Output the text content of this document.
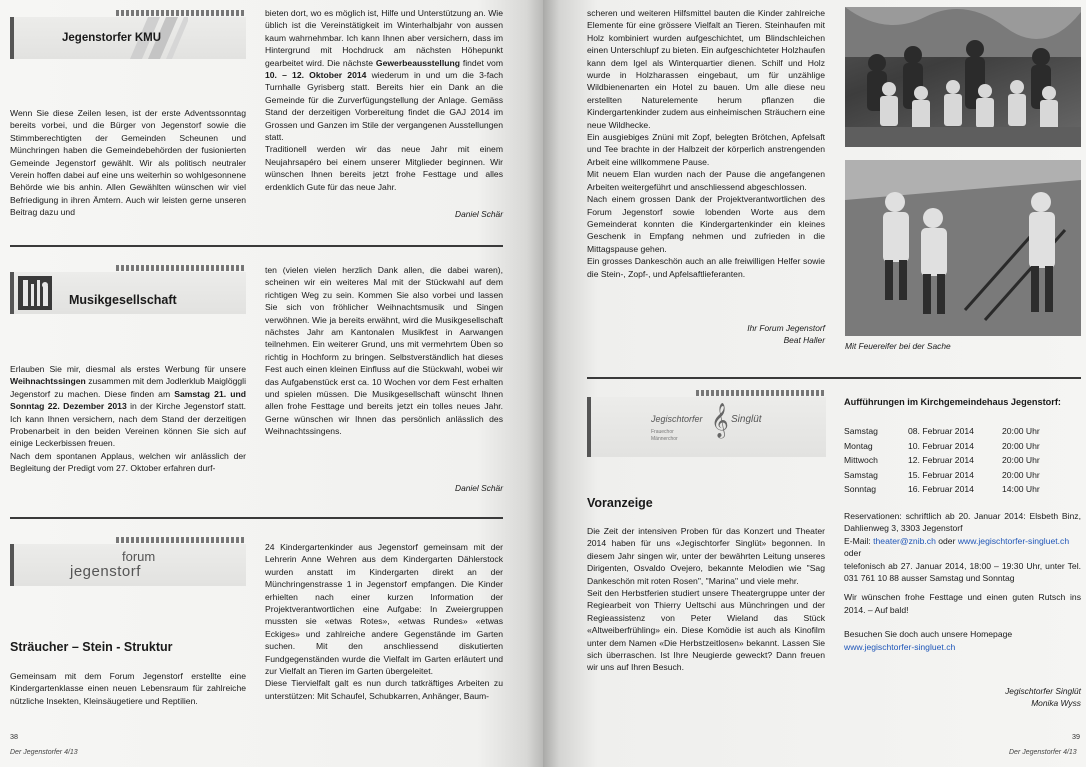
Jegenstorfer KMU

Wenn Sie diese Zeilen lesen, ist der erste Adventssonntag bereits vorbei, und die Bürger von Jegenstorf sowie die Stimmberechtigten der Gemeinden Scheunen und Münchringen haben die Gemeindebehörden der fusionierten Gemeinde Jegenstorf gewählt. Wir als politisch neutraler Verein hoffen dabei auf eine uns weiterhin so wohlgesonnene Behörde wie bis anhin. Allen Gewählten wünschen wir viel Befriedigung in ihren Ämtern. Auch wir leisten gerne unseren Beitrag dazu und

bieten dort, wo es möglich ist, Hilfe und Unterstützung an. Wie üblich ist die Vereinstätigkeit im Winterhalbjahr von aussen kaum wahrnehmbar. Ich kann Ihnen aber versichern, dass im Hintergrund mit Hochdruck am nächsten Höhepunkt gearbeitet wird. Die nächste Gewerbeausstellung findet vom 10. – 12. Oktober 2014 wiederum in und um die 3-fach Turnhalle Gyrisberg statt. Bereits hier ein Dank an die Gemeinde für die Zurverfügungstellung der Anlage. Gemäss Stand der derzeitigen Vorbereitung findet die GAJ 2014 im Grossen und Ganzen im Stile der vergangenen Ausstellungen statt.

Traditionell werden wir das neue Jahr mit einem Neujahrsapéro bei einem unserer Mitglieder beginnen. Wir wünschen Ihnen bereits jetzt frohe Festtage und alles erdenklich Gute für das neue Jahr.

Daniel Schär
Musikgesellschaft

Erlauben Sie mir, diesmal als erstes Werbung für unsere Weihnachtssingen zusammen mit dem Jodlerklub Maiglöggli Jegenstorf zu machen. Diese finden am Samstag 21. und Sonntag 22. Dezember 2013 in der Kirche Jegenstorf statt. Ich kann Ihnen versichern, nach dem Stand der derzeitigen Probenarbeit in den beiden Vereinen können Sie sich auf einige Leckerbissen freuen.

Nach dem spontanen Applaus, welchen wir anlässlich der Begleitung der Predigt vom 27. Oktober erfahren durf-

ten (vielen vielen herzlich Dank allen, die dabei waren), scheinen wir ein weiteres Mal mit der Stückwahl auf dem richtigen Weg zu sein. Kommen Sie also vorbei und lassen Sie sich von fröhlicher Weihnachtsmusik und Singen verwöhnen. Wie ja bereits erwähnt, wird die Musikgesellschaft nächstes Jahr am Kantonalen Musikfest in Aarwangen teilnehmen. Ein weiterer Grund, uns mit vermehrtem Üben so richtig in Hochform zu bringen. Selbstverständlich hat dieses Fest auch einen kleinen Einfluss auf die Stückwahl, wobei wir das Aufgabenstück erst ca. 10 Wochen vor dem Fest erhalten und spielen müssen. Die Musikgesellschaft wünscht Ihnen allen frohe Festtage und bereits jetzt ein tolles neues Jahr. Gerne wünschen wir Ihnen das persönlich anlässlich des Weihnachtssingens.

Daniel Schär
forum
jegenstorf
Sträucher – Stein - Struktur

Gemeinsam mit dem Forum Jegenstorf erstellte eine Kindergartenklasse einen neuen Lebensraum für zahlreiche nützliche Insekten, Kleinsäugetiere und Reptilien.

24 Kindergartenkinder aus Jegenstorf gemeinsam mit der Lehrerin Anne Wehren aus dem Kindergarten Dählerstock wurden anstatt im Kindergarten direkt an der Münchringenstrasse 1 in Jegenstorf empfangen. Die Kinder erhielten nach einer kurzen Information der Projektverantwortlichen eine Aufgabe: In Zweiergruppen mussten sie «etwas Rotes», «etwas Rundes» «etwas Eckiges» und zahlreiche andere Gegenstände im Garten suchen. Mit den anschliessend diskutierten Fundgegenständen wurde die Vielfalt im Garten erläutert und zur Vielfalt an Tieren im Garten übergeleitet.

Diese Tiervielfalt galt es nun durch tatkräftiges Arbeiten zu unterstützen: Mit Schaufel, Schubkarren, Anhänger, Baum-

38
Der Jegenstorfer 4/13

scheren und weiteren Hilfsmittel bauten die Kinder zahlreiche Elemente für eine grössere Vielfalt an Tieren. Steinhaufen mit Holz kombiniert wurden aufgeschichtet, um Blindschleichen einen Unterschlupf zu bieten. Ein aufgeschichteter Holzhaufen kann dem Igel als Winterquartier dienen. Schilf und Holz wurde in Holzharassen eingebaut, um für unzählige Wildbienenarten ein Hotel zu bauen. Um alle diese neu erstellten Naturelemente herum pflanzen die Kindergartenkinder zudem aus einheimischen Sträuchern eine neue Wildhecke.

Ein ausgiebiges Znüni mit Zopf, belegten Brötchen, Apfelsaft und Tee brachte in der Halbzeit der körperlich anstrengenden Arbeit eine willkommene Pause.

Mit neuem Elan wurden nach der Pause die angefangenen Arbeiten weitergeführt und anschliessend abgeschlossen.

Nach einem grossen Dank der Projektverantwortlichen des Forum Jegenstorf sowie lobenden Worte aus dem Gemeinderat konnten die Kindergartenkinder ein kleines Geschenk in Empfang nehmen und zufrieden in die Mittagspause gehen.

Ein grosses Dankeschön auch an alle freiwilligen Helfer sowie die Stein-, Zopf-, und Apfelsaftlieferanten.

Ihr Forum Jegenstorf
Beat Haller
Mit Feuereifer bei der Sache
Jegischtorfer	Singlüt
Frauechor
Männerchor
𝄞
Voranzeige

Die Zeit der intensiven Proben für das Konzert und Theater 2014 haben für uns «Jegischtorfer Singlüt» begonnen. In diesem Jahr singen wir, unter der bewährten Leitung unseres Dirigenten, Osvaldo Ovejero, bekannte Melodien wie "Sag Dankeschön mit roten Rosen", "Marina" und viele mehr.

Seit den Herbstferien studiert unsere Theatergruppe unter der Regiearbeit von Thierry Ueltschi aus Münchringen und der Regieassistenz von Peter Wieland das Stück «Altweiberfrühling» ein. Diese Komödie ist auch als Kinofilm unter dem Namen «Die Herbstzeitlosen» bekannt. Lassen Sie sich überraschen. Ist Ihre Neugierde geweckt? Dann freuen wir uns auf Ihren Besuch.

Aufführungen im Kirchgemeindehaus Jegenstorf:
Samstag	08. Februar 2014	20:00 Uhr
Montag	10. Februar 2014	20:00 Uhr
Mittwoch	12. Februar 2014	20:00 Uhr
Samstag	15. Februar 2014	20:00 Uhr
Sonntag	16. Februar 2014	14:00 Uhr

Reservationen: schriftlich ab 20. Januar 2014: Elsbeth Binz, Dahlienweg 3, 3303 Jegenstorf

E-Mail: theater@znib.ch oder www.jegischtorfer-singluet.ch

oder

telefonisch ab 27. Januar 2014, 18:00 – 19:30 Uhr, unter Tel. 031 761 10 88 ausser Samstag und Sonntag

Wir wünschen frohe Festtage und einen guten Rutsch ins 2014. – Auf bald!

Besuchen Sie doch auch unsere Homepage

www.jegischtorfer-singluet.ch

Jegischtorfer Singlüt
Monika Wyss
39
Der Jegenstorfer 4/13
